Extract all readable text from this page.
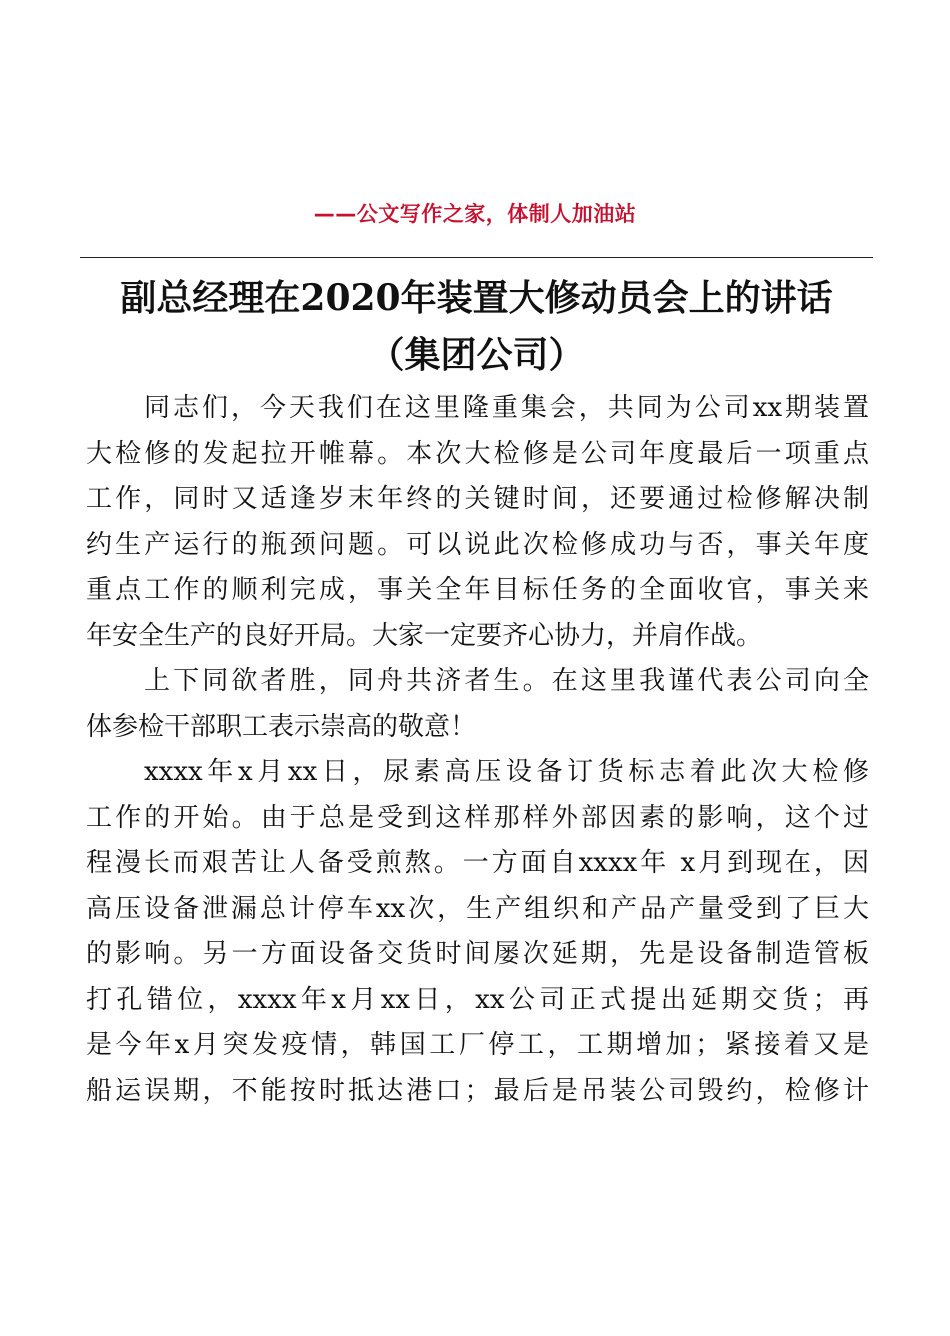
——公文写作之家，体制人加油站
副总经理在2020年装置大修动员会上的讲话
（集团公司）
同志们，今天我们在这里隆重集会，共同为公司xx期装置
大检修的发起拉开帷幕。本次大检修是公司年度最后一项重点
工作，同时又适逢岁末年终的关键时间，还要通过检修解决制
约生产运行的瓶颈问题。可以说此次检修成功与否，事关年度
重点工作的顺利完成，事关全年目标任务的全面收官，事关来
年安全生产的良好开局。大家一定要齐心协力，并肩作战。
上下同欲者胜，同舟共济者生。在这里我谨代表公司向全
体参检干部职工表示崇高的敬意！
xxxx年x月xx日，尿素高压设备订货标志着此次大检修
工作的开始。由于总是受到这样那样外部因素的影响，这个过
程漫长而艰苦让人备受煎熬。一方面自xxxx年 x月到现在，因
高压设备泄漏总计停车xx次，生产组织和产品产量受到了巨大
的影响。另一方面设备交货时间屡次延期，先是设备制造管板
打孔错位，xxxx年x月xx日，xx公司正式提出延期交货；再
是今年x月突发疫情，韩国工厂停工，工期增加；紧接着又是
船运误期，不能按时抵达港口；最后是吊装公司毁约，检修计
